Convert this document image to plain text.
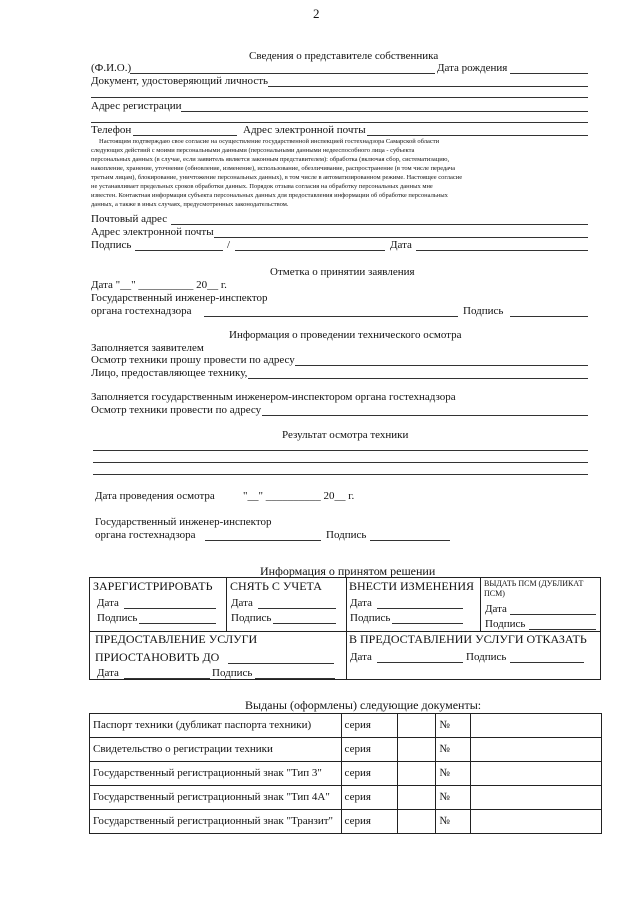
2
Сведения о представителе собственника
(Ф.И.О.)	Дата рождения
Документ, удостоверяющий личность
Адрес регистрации
Телефон	Адрес электронной почты
Настоящим подтверждаю свое согласие на осуществление государственной инспекцией гостехнадзора Самарской области
следующих действий с моими персональными данными (персональными данными недееспособного лица - субъекта
персональных данных (в случае, если заявитель является законным представителем): обработка (включая сбор, систематизацию,
накопление, хранение, уточнение (обновление, изменение), использование, обезличивание, распространение (в том числе передача
третьим лицам), блокирование, уничтожение персональных данных), в том числе в автоматизированном режиме. Настоящее согласие
не устанавливает предельных сроков обработки данных. Порядок отзыва согласия на обработку персональных данных мне
известен. Контактная информация субъекта персональных данных для предоставления информации об обработке персональных
данных, а также в иных случаях, предусмотренных законодательством.
Почтовый адрес
Адрес электронной почты
Подпись	/	Дата
Отметка о принятии заявления
Дата "__" __________ 20__ г.
Государственный инженер-инспектор
органа гостехнадзора	Подпись
Информация о проведении технического осмотра
Заполняется заявителем
Осмотр техники прошу провести по адресу
Лицо, предоставляющее технику,
Заполняется государственным инженером-инспектором органа гостехнадзора
Осмотр техники провести по адресу
Результат осмотра техники
Дата проведения осмотра	"__" __________ 20__ г.
Государственный инженер-инспектор
органа гостехнадзора	Подпись
Информация о принятом решении
ЗАРЕГИСТРИРОВАТЬ
Дата
Подпись
СНЯТЬ С УЧЕТА
Дата
Подпись
ВНЕСТИ ИЗМЕНЕНИЯ
Дата
Подпись
ВЫДАТЬ ПСМ (ДУБЛИКАТ ПСМ)
Дата
Подпись
ПРЕДОСТАВЛЕНИЕ УСЛУГИ
ПРИОСТАНОВИТЬ ДО
Дата	Подпись
В ПРЕДОСТАВЛЕНИИ УСЛУГИ ОТКАЗАТЬ
Дата	Подпись
Выданы (оформлены) следующие документы:
Паспорт техники (дубликат паспорта техники)	серия		№	
Свидетельство о регистрации техники	серия		№	
Государственный регистрационный знак "Тип 3"	серия		№	
Государственный регистрационный знак "Тип 4А"	серия		№	
Государственный регистрационный знак "Транзит"	серия		№	
